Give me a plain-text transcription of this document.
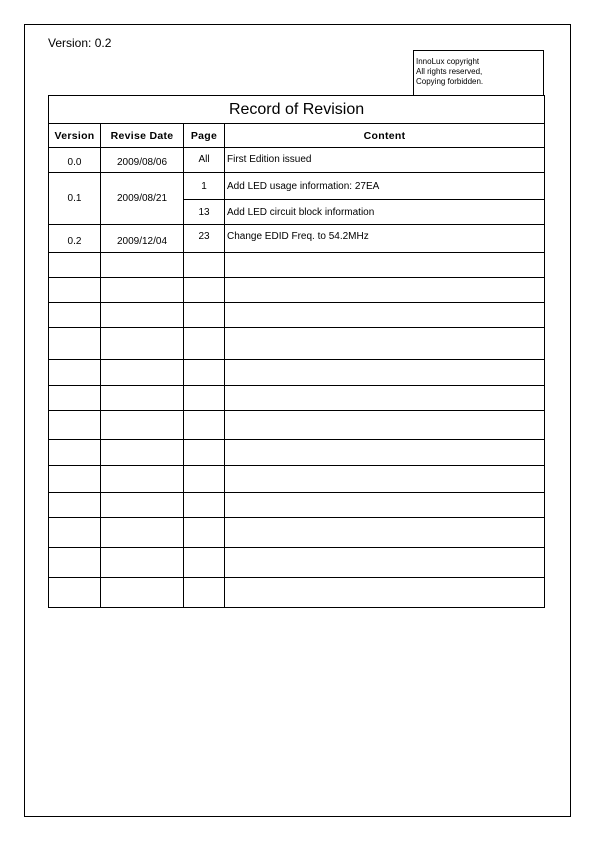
Version: 0.2
InnoLux copyright
All rights reserved,
Copying forbidden.
Record of Revision			
Version	Revise Date	Page	Content
0.0	2009/08/06	All	First Edition issued
0.1	2009/08/21	1	Add LED usage information: 27EA
		13	Add LED circuit block information
0.2	2009/12/04	23	Change EDID Freq. to 54.2MHz
